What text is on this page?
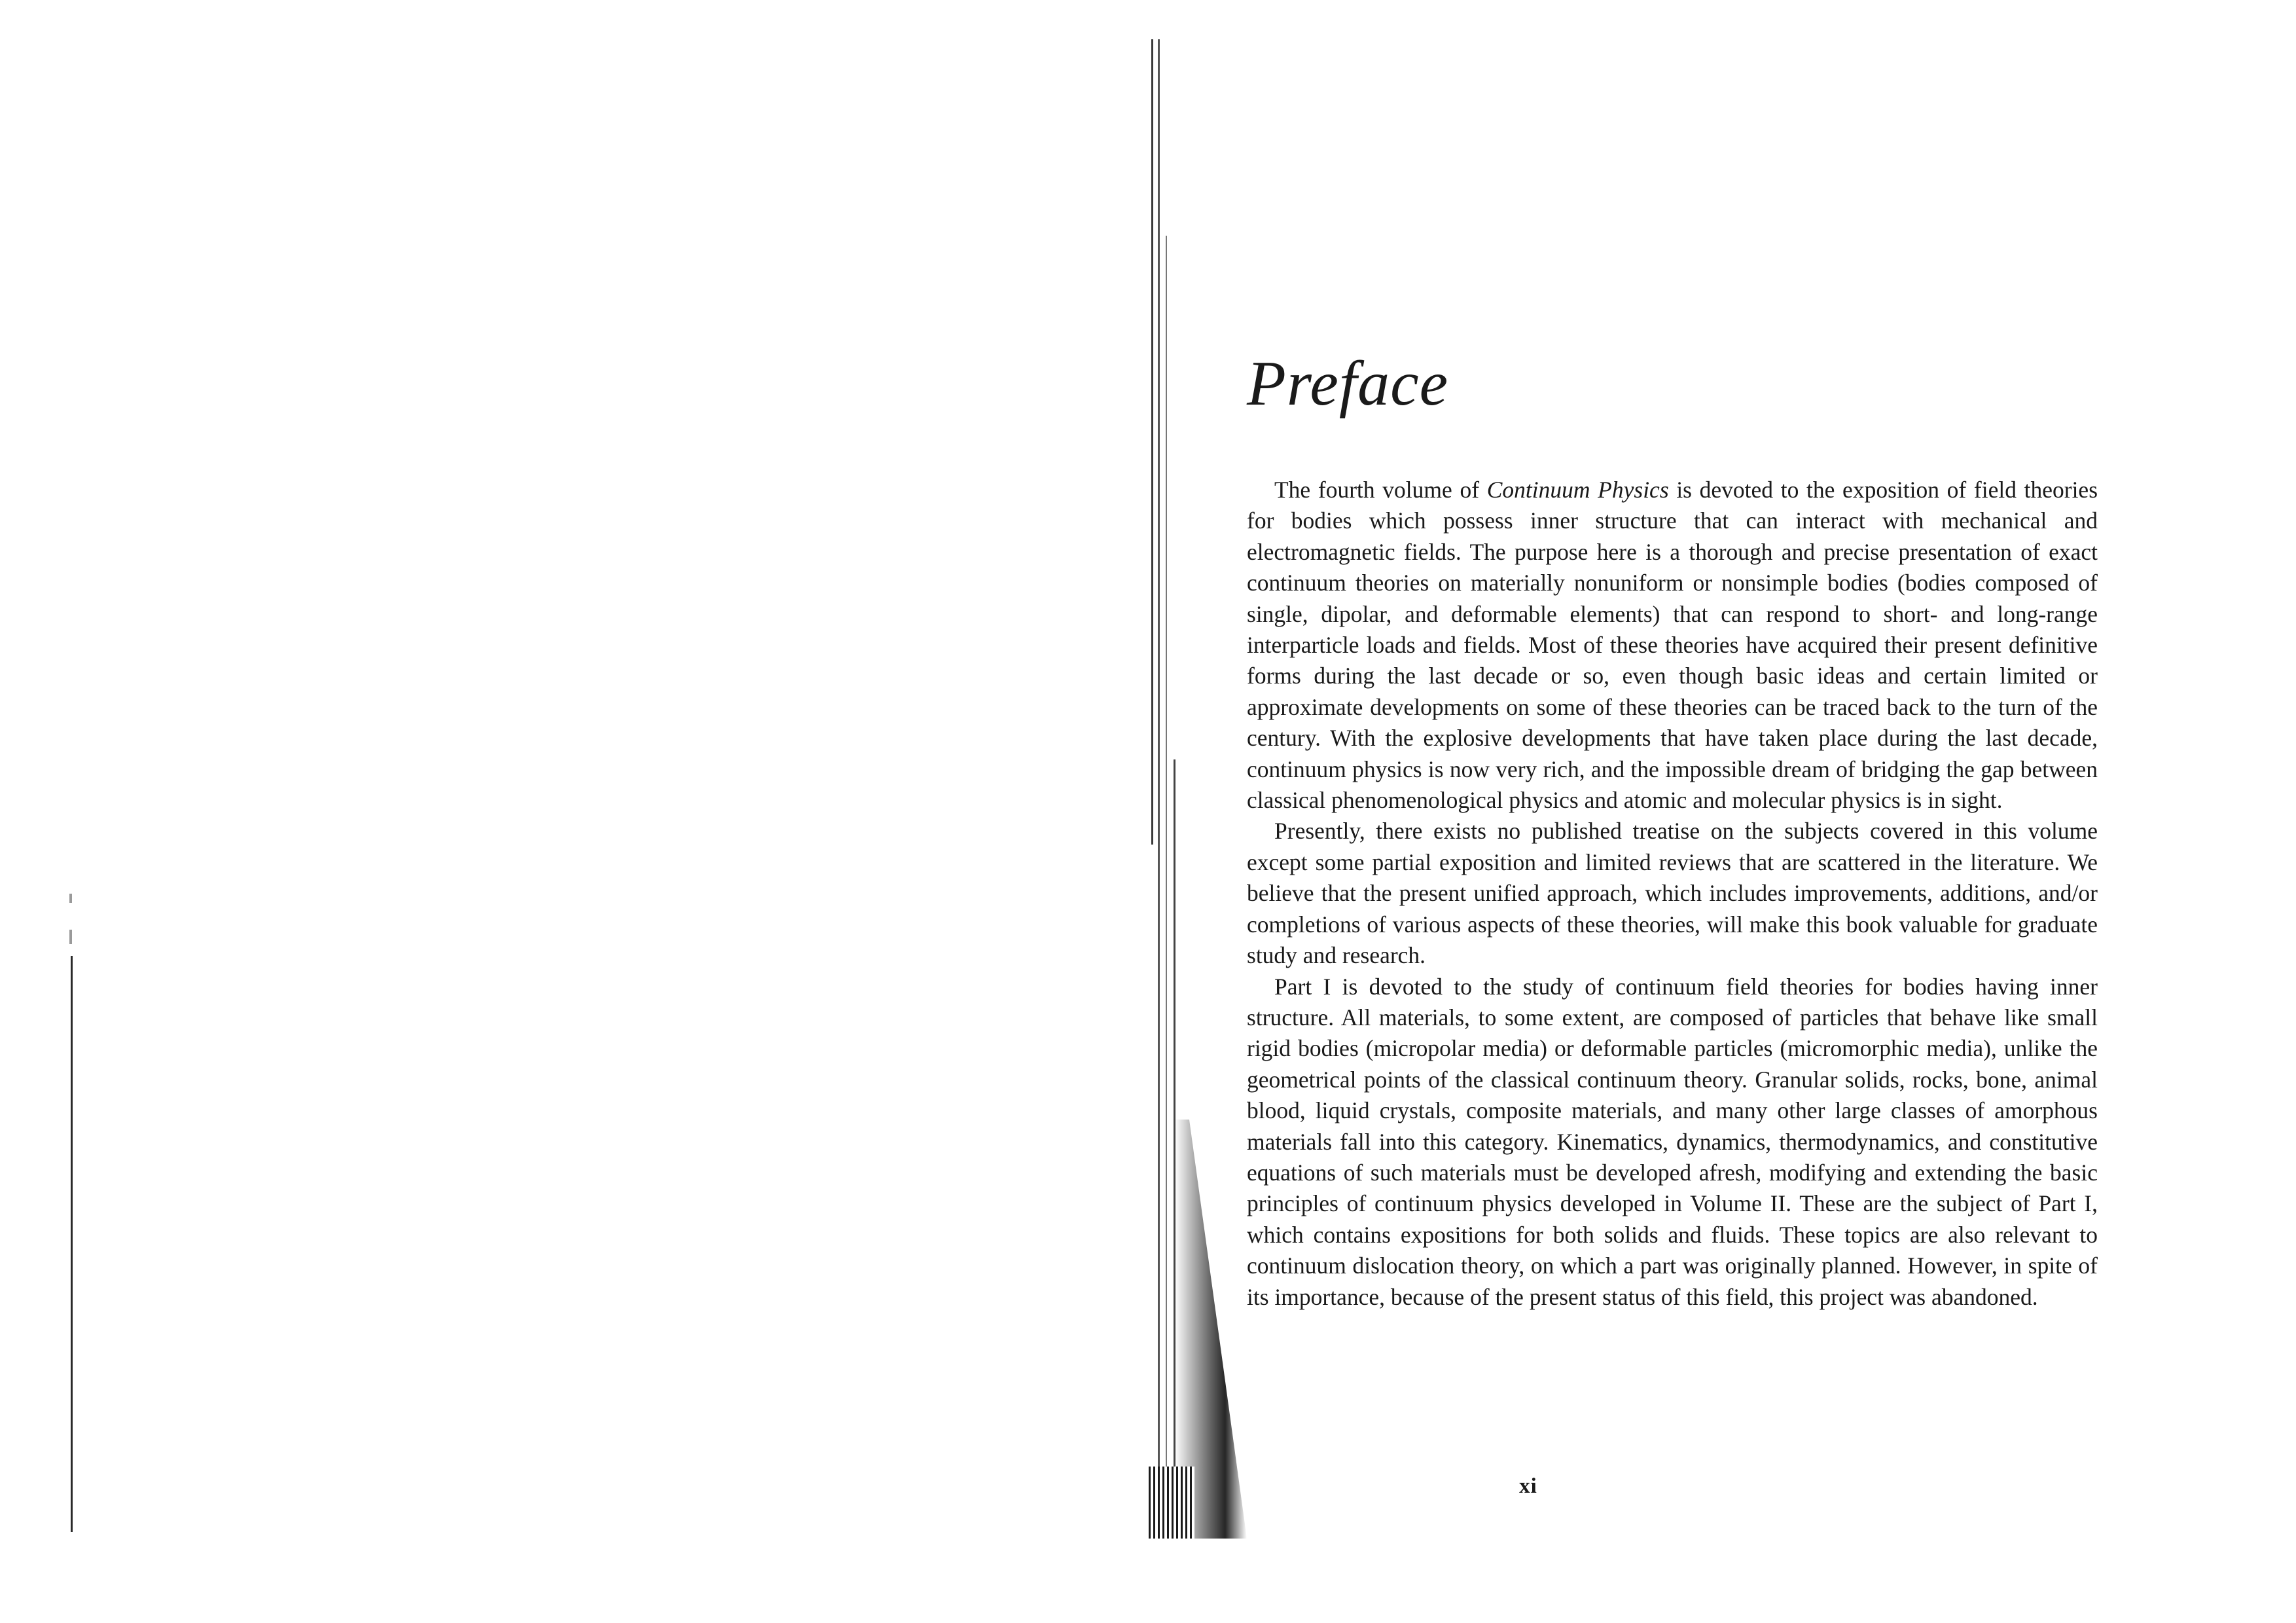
Preface

The fourth volume of Continuum Physics is devoted to the exposition of field theories for bodies which possess inner structure that can interact with mechanical and electromagnetic fields. The purpose here is a thorough and precise presentation of exact continuum theories on materially nonuniform or nonsimple bodies (bodies composed of single, dipolar, and deformable elements) that can respond to short- and long-range interparticle loads and fields. Most of these theories have acquired their present definitive forms during the last decade or so, even though basic ideas and certain limited or approximate developments on some of these theories can be traced back to the turn of the century. With the explosive developments that have taken place during the last decade, continuum physics is now very rich, and the impossible dream of bridging the gap between classical phenomenological physics and atomic and molecular physics is in sight.

Presently, there exists no published treatise on the subjects covered in this volume except some partial exposition and limited reviews that are scattered in the literature. We believe that the present unified approach, which includes improvements, additions, and/or completions of various aspects of these theories, will make this book valuable for graduate study and research.

Part I is devoted to the study of continuum field theories for bodies having inner structure. All materials, to some extent, are composed of particles that behave like small rigid bodies (micropolar media) or deformable particles (micromorphic media), unlike the geometrical points of the classical continuum theory. Granular solids, rocks, bone, animal blood, liquid crystals, composite materials, and many other large classes of amorphous materials fall into this category. Kinematics, dynamics, thermodynamics, and constitutive equations of such materials must be developed afresh, modifying and extending the basic principles of continuum physics developed in Volume II. These are the subject of Part I, which contains expositions for both solids and fluids. These topics are also relevant to continuum dislocation theory, on which a part was originally planned. However, in spite of its importance, because of the present status of this field, this project was abandoned.

xi
